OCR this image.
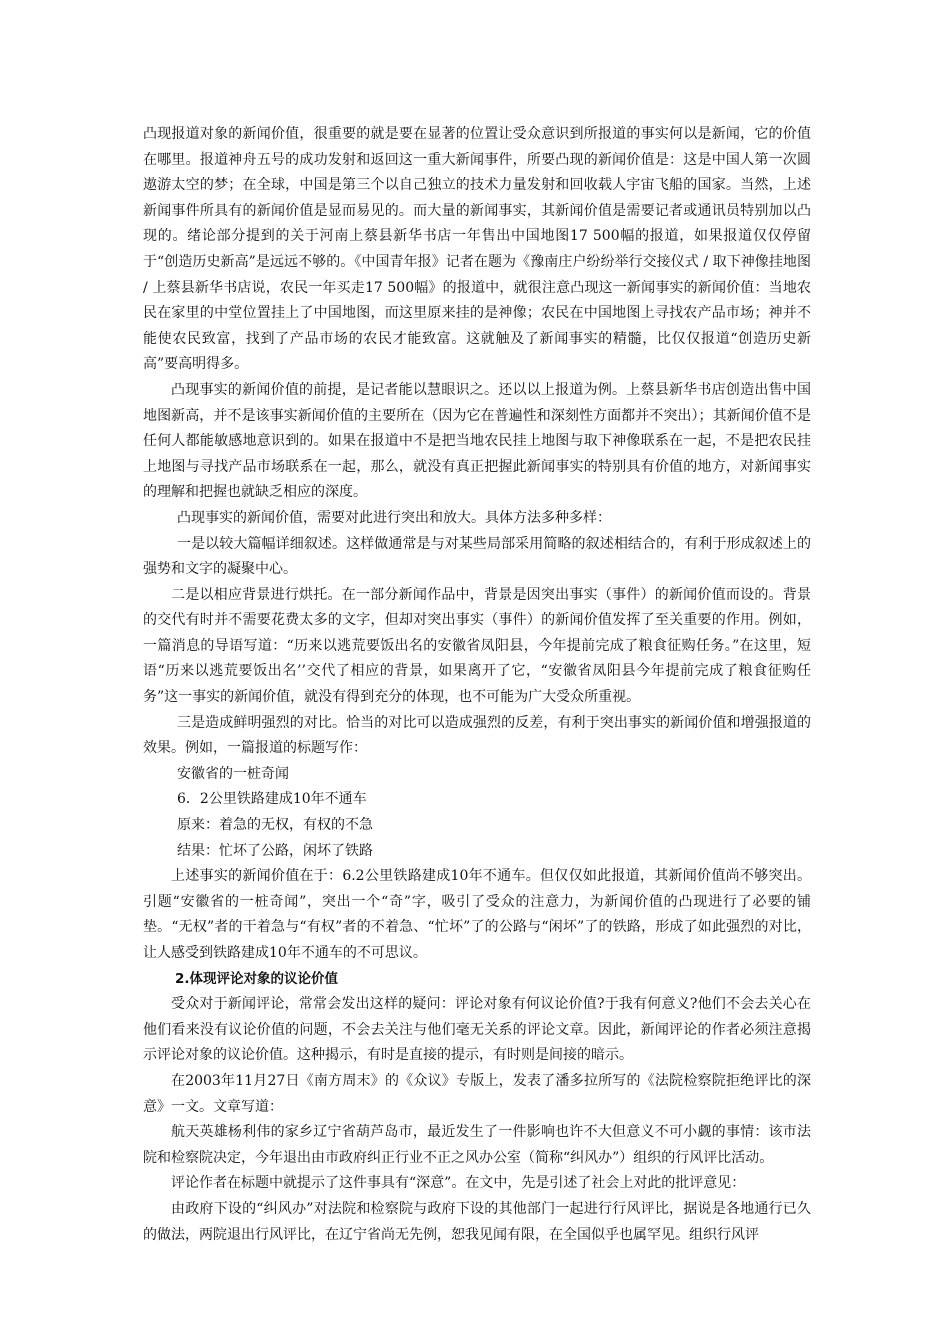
凸现报道对象的新闻价值，很重要的就是要在显著的位置让受众意识到所报道的事实何以是新闻，它的价值在哪里。报道神舟五号的成功发射和返回这一重大新闻事件，所要凸现的新闻价值是：这是中国人第一次圆遨游太空的梦；在全球，中国是第三个以自己独立的技术力量发射和回收载人宇宙飞船的国家。当然，上述新闻事件所具有的新闻价值是显而易见的。而大量的新闻事实，其新闻价值是需要记者或通讯员特别加以凸现的。绪论部分提到的关于河南上蔡县新华书店一年售出中国地图17 500幅的报道，如果报道仅仅停留于“创造历史新高”是远远不够的。《中国青年报》记者在题为《豫南庄户纷纷举行交接仪式 / 取下神像挂地图 / 上蔡县新华书店说，农民一年买走17 500幅》的报道中，就很注意凸现这一新闻事实的新闻价值：当地农民在家里的中堂位置挂上了中国地图，而这里原来挂的是神像；农民在中国地图上寻找农产品市场；神并不能使农民致富，找到了产品市场的农民才能致富。这就触及了新闻事实的精髓，比仅仅报道“创造历史新高”要高明得多。

凸现事实的新闻价值的前提，是记者能以慧眼识之。还以以上报道为例。上蔡县新华书店创造出售中国地图新高，并不是该事实新闻价值的主要所在（因为它在普遍性和深刻性方面都并不突出）；其新闻价值不是任何人都能敏感地意识到的。如果在报道中不是把当地农民挂上地图与取下神像联系在一起，不是把农民挂上地图与寻找产品市场联系在一起，那么，就没有真正把握此新闻事实的特别具有价值的地方，对新闻事实的理解和把握也就缺乏相应的深度。

凸现事实的新闻价值，需要对此进行突出和放大。具体方法多种多样：

一是以较大篇幅详细叙述。这样做通常是与对某些局部采用简略的叙述相结合的，有利于形成叙述上的强势和文字的凝聚中心。

二是以相应背景进行烘托。在一部分新闻作品中，背景是因突出事实（事件）的新闻价值而设的。背景的交代有时并不需要花费太多的文字，但却对突出事实（事件）的新闻价值发挥了至关重要的作用。例如，一篇消息的导语写道：“历来以逃荒要饭出名的安徽省凤阳县，今年提前完成了粮食征购任务。”在这里，短语“历来以逃荒要饭出名’’交代了相应的背景，如果离开了它，“安徽省凤阳县今年提前完成了粮食征购任务”这一事实的新闻价值，就没有得到充分的体现，也不可能为广大受众所重视。

三是造成鲜明强烈的对比。恰当的对比可以造成强烈的反差，有利于突出事实的新闻价值和增强报道的效果。例如，一篇报道的标题写作：

安徽省的一桩奇闻

6．2公里铁路建成10年不通车

原来：着急的无权，有权的不急

结果：忙坏了公路，闲坏了铁路

上述事实的新闻价值在于：6.2公里铁路建成10年不通车。但仅仅如此报道，其新闻价值尚不够突出。引题“安徽省的一桩奇闻”，突出一个“奇”字，吸引了受众的注意力，为新闻价值的凸现进行了必要的铺垫。“无权”者的干着急与“有权”者的不着急、“忙坏”了的公路与“闲坏”了的铁路，形成了如此强烈的对比，让人感受到铁路建成10年不通车的不可思议。

2.体现评论对象的议论价值

受众对于新闻评论，常常会发出这样的疑问：评论对象有何议论价值?于我有何意义?他们不会去关心在他们看来没有议论价值的问题，不会去关注与他们毫无关系的评论文章。因此，新闻评论的作者必须注意揭示评论对象的议论价值。这种揭示，有时是直接的提示，有时则是间接的暗示。

在2003年11月27日《南方周末》的《众议》专版上，发表了潘多拉所写的《法院检察院拒绝评比的深意》一文。文章写道：

航天英雄杨利伟的家乡辽宁省葫芦岛市，最近发生了一件影响也许不大但意义不可小觑的事情：该市法院和检察院决定，今年退出由市政府纠正行业不正之风办公室（简称“纠风办”）组织的行风评比活动。

评论作者在标题中就提示了这件事具有“深意”。在文中，先是引述了社会上对此的批评意见：

由政府下设的“纠风办”对法院和检察院与政府下设的其他部门一起进行行风评比，据说是各地通行已久的做法，两院退出行风评比，在辽宁省尚无先例，恕我见闻有限，在全国似乎也属罕见。组织行风评
